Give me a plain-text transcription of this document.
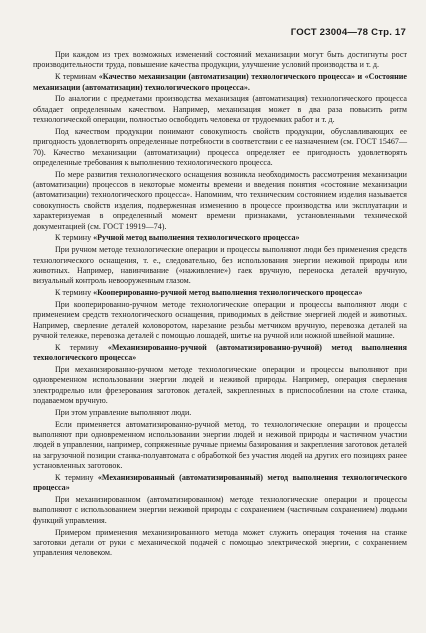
ГОСТ 23004—78 Стр. 17

При каждом из трех возможных изменений состояний механизации могут быть достигнуты рост производительности труда, повышение качества продукции, улучшение условий производства и т. д.

К терминам «Качество механизации (автоматизации) технологического процесса» и «Состояние механизации (автоматизации) технологического процесса».

По аналогии с предметами производства механизация (автоматизация) технологического процесса обладает определенным качеством. Например, механизация может в два раза повысить ритм технологической операции, полностью освободить человека от трудоемких работ и т. д.

Под качеством продукции понимают совокупность свойств продукции, обуславливающих ее пригодность удовлетворять определенные потребности в соответствии с ее назначением (см. ГОСТ 15467—70). Качество механизации (автоматизации) процесса определяет ее пригодность удовлетворять определенные требования к выполнению технологического процесса.

По мере развития технологического оснащения возникла необходимость рассмотрения механизации (автоматизации) процессов в некоторые моменты времени и введения понятия «состояние механизации (автоматизации) технологического процесса». Напомним, что техническим состоянием изделия называется совокупность свойств изделия, подверженная изменению в процессе производства или эксплуатации и характеризуемая в определенный момент времени признаками, установленными технической документацией (см. ГОСТ 19919—74).

К термину «Ручной метод выполнения технологического процесса»

При ручном методе технологические операции и процессы выполняют люди без применения средств технологического оснащения, т. е., следовательно, без использования энергии неживой природы или животных. Например, навинчивание («наживление») гаек вручную, переноска деталей вручную, визуальный контроль невооруженным глазом.

К термину «Кооперированно-ручной метод выполнения технологического процесса»

При кооперированно-ручном методе технологические операции и процессы выполняют люди с применением средств технологического оснащения, приводимых в действие энергией людей и животных. Например, сверление деталей коловоротом, нарезание резьбы метчиком вручную, перевозка деталей на ручной тележке, перевозка деталей с помощью лошадей, шитье на ручной или ножной швейной машине.

К термину «Механизированно-ручной (автоматизированно-ручной) метод выполнения технологического процесса»

При механизированно-ручном методе технологические операции и процессы выполняют при одновременном использовании энергии людей и неживой природы. Например, операция сверления электродрелью или фрезерования заготовок деталей, закрепленных в приспособлении на столе станка, подаваемом вручную.

При этом управление выполняют люди.

Если применяется автоматизированно-ручной метод, то технологические операции и процессы выполняют при одновременном использовании энергии людей и неживой природы и частичном участии людей в управлении, например, сопряженные ручные приемы базирования и закрепления заготовок деталей на загрузочной позиции станка-полуавтомата с обработкой без участия людей на других его позициях ранее установленных заготовок.

К термину «Механизированный (автоматизированный) метод выполнения технологического процесса»

При механизированном (автоматизированном) методе технологические операции и процессы выполняют с использованием энергии неживой природы с сохранением (частичным сохранением) людьми функций управления.

Примером применения механизированного метода может служить операция точения на станке заготовки детали от руки с механической подачей с помощью электрической энергии, с сохранением управления человеком.
